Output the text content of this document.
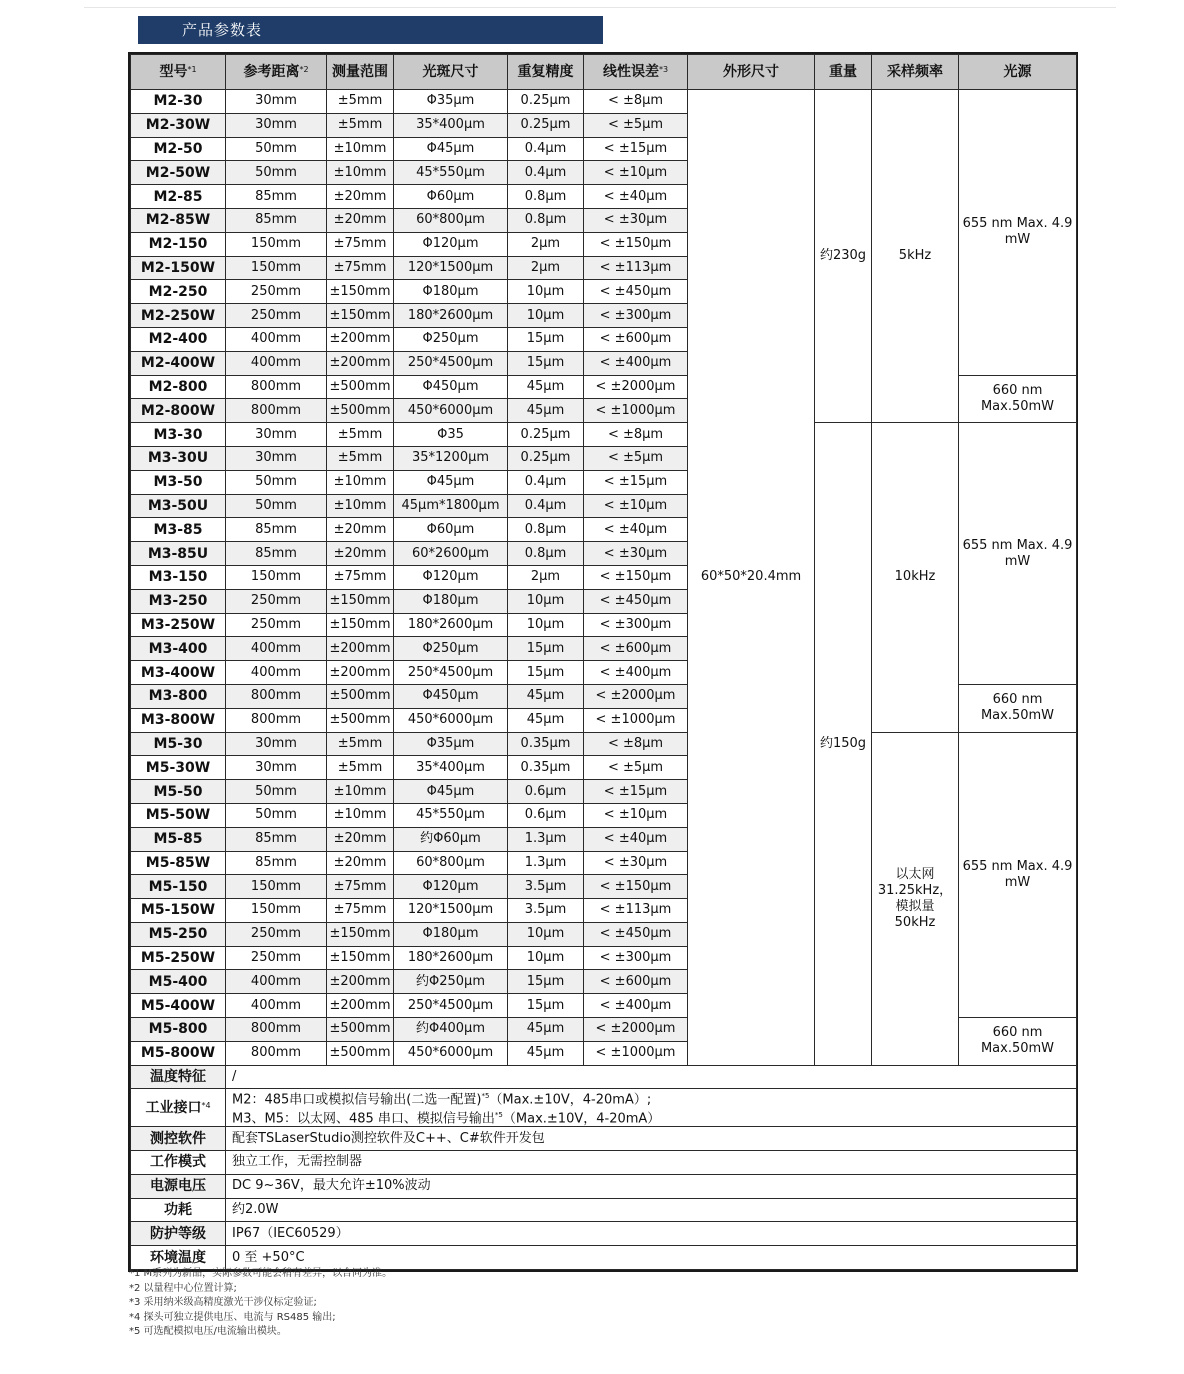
产品参数表
型号$^{*1}$	参考距离$^{*2}$	测量范围	光斑尺寸	重复精度	线性误差$^{*3}$	外形尺寸	重量	采样频率	光源
M2-30	30mm	±5mm	Φ35μm	0.25μm	< ±8μm	60*50*20.4mm	约230g	5kHz	655 nm Max. 4.9 mW
M2-30W	30mm	±5mm	35*400μm	0.25μm	< ±5μm				
M2-50	50mm	±10mm	Φ45μm	0.4μm	< ±15μm				
M2-50W	50mm	±10mm	45*550μm	0.4μm	< ±10μm				
M2-85	85mm	±20mm	Φ60μm	0.8μm	< ±40μm				
M2-85W	85mm	±20mm	60*800μm	0.8μm	< ±30μm				
M2-150	150mm	±75mm	Φ120μm	2μm	< ±150μm				
M2-150W	150mm	±75mm	120*1500μm	2μm	< ±113μm				
M2-250	250mm	±150mm	Φ180μm	10μm	< ±450μm				
M2-250W	250mm	±150mm	180*2600μm	10μm	< ±300μm				
M2-400	400mm	±200mm	Φ250μm	15μm	< ±600μm				
M2-400W	400mm	±200mm	250*4500μm	15μm	< ±400μm				
M2-800	800mm	±500mm	Φ450μm	45μm	< ±2000μm				660 nm Max.50mW
M2-800W	800mm	±500mm	450*6000μm	45μm	< ±1000μm				
M3-30	30mm	±5mm	Φ35	0.25μm	< ±8μm		约150g	10kHz	655 nm Max. 4.9 mW
M3-30U	30mm	±5mm	35*1200μm	0.25μm	< ±5μm				
M3-50	50mm	±10mm	Φ45μm	0.4μm	< ±15μm				
M3-50U	50mm	±10mm	45μm*1800μm	0.4μm	< ±10μm				
M3-85	85mm	±20mm	Φ60μm	0.8μm	< ±40μm				
M3-85U	85mm	±20mm	60*2600μm	0.8μm	< ±30μm				
M3-150	150mm	±75mm	Φ120μm	2μm	< ±150μm				
M3-250	250mm	±150mm	Φ180μm	10μm	< ±450μm				
M3-250W	250mm	±150mm	180*2600μm	10μm	< ±300μm				
M3-400	400mm	±200mm	Φ250μm	15μm	< ±600μm				
M3-400W	400mm	±200mm	250*4500μm	15μm	< ±400μm				
M3-800	800mm	±500mm	Φ450μm	45μm	< ±2000μm				660 nm Max.50mW
M3-800W	800mm	±500mm	450*6000μm	45μm	< ±1000μm				
M5-30	30mm	±5mm	Φ35μm	0.35μm	< ±8μm			以太网 31.25kHz，模拟量 50kHz	655 nm Max. 4.9 mW
M5-30W	30mm	±5mm	35*400μm	0.35μm	< ±5μm				
M5-50	50mm	±10mm	Φ45μm	0.6μm	< ±15μm				
M5-50W	50mm	±10mm	45*550μm	0.6μm	< ±10μm				
M5-85	85mm	±20mm	约Φ60μm	1.3μm	< ±40μm				
M5-85W	85mm	±20mm	60*800μm	1.3μm	< ±30μm				
M5-150	150mm	±75mm	Φ120μm	3.5μm	< ±150μm				
M5-150W	150mm	±75mm	120*1500μm	3.5μm	< ±113μm				
M5-250	250mm	±150mm	Φ180μm	10μm	< ±450μm				
M5-250W	250mm	±150mm	180*2600μm	10μm	< ±300μm				
M5-400	400mm	±200mm	约Φ250μm	15μm	< ±600μm				
M5-400W	400mm	±200mm	250*4500μm	15μm	< ±400μm				
M5-800	800mm	±500mm	约Φ400μm	45μm	< ±2000μm				660 nm Max.50mW
M5-800W	800mm	±500mm	450*6000μm	45μm	< ±1000μm				
温度特征	/								
工业接口$^{*4}$	M2：485串口或模拟信号输出(二选一配置)$^{*5}$（Max.±10V，4-20mA）;
M3、M5：以太网、485 串口、模拟信号输出$^{*5}$（Max.±10V，4-20mA）								
测控软件	配套TSLaserStudio测控软件及C++、C#软件开发包								
工作模式	独立工作，无需控制器								
电源电压	DC 9~36V，最大允许±10%波动								
功耗	约2.0W								
防护等级	IP67（IEC60529）								
环境温度	0 至 +50°C								
*1 M系列为新品，实际参数可能会稍有差异，以合同为准。
*2 以量程中心位置计算;
*3 采用纳米级高精度激光干涉仪标定验证;
*4 探头可独立提供电压、电流与 RS485 输出;
*5 可选配模拟电压/电流输出模块。
